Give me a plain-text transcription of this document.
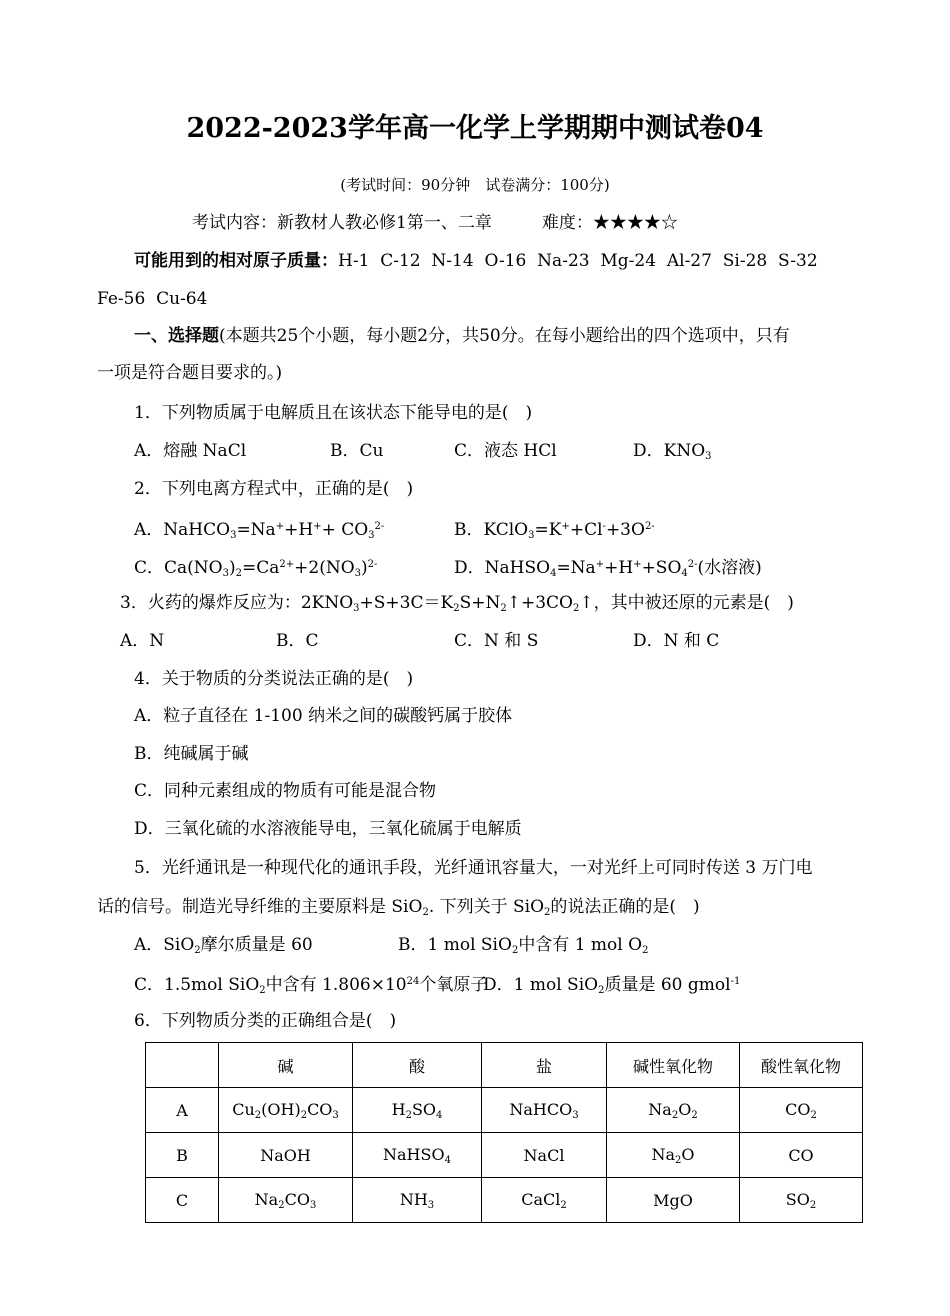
2022-2023学年高一化学上学期期中测试卷04
(考试时间：90分钟　试卷满分：100分)
考试内容：新教材人教必修1第一、二章	难度：★★★★☆
可能用到的相对原子质量：H-1  C-12  N-14  O-16  Na-23  Mg-24  Al-27  Si-28  S-32
Fe-56  Cu-64
一、选择题(本题共25个小题，每小题2分，共50分。在每小题给出的四个选项中，只有
一项是符合题目要求的。)
1．下列物质属于电解质且在该状态下能导电的是(　)
A．熔融 NaCl	B．Cu	C．液态 HCl	D．$KNO_3$
2．下列电离方程式中，正确的是(　)
A．NaHCO$_3$=Na++H++ $CO_3^{2-}$	B．$KClO_3=K^++Cl^-+3O^{2-}$
C．$Ca(NO_3)_2=Ca^{2+}+2(NO_3)^{2-}$	D．$NaHSO_4=Na^++H^++SO_4^{2-}$(水溶液)
3．火药的爆炸反应为：$2KNO_3+S+3C=K_2S+N_2↑+3CO_2↑$，其中被还原的元素是(　)
A．N	B．C	C．N 和 S	D．N 和 C
4．关于物质的分类说法正确的是(　)
A．粒子直径在 1-100 纳米之间的碳酸钙属于胶体
B．纯碱属于碱
C．同种元素组成的物质有可能是混合物
D．三氧化硫的水溶液能导电，三氧化硫属于电解质
5．光纤通讯是一种现代化的通讯手段，光纤通讯容量大，一对光纤上可同时传送 3 万门电
话的信号。制造光导纤维的主要原料是 SiO$_2$. 下列关于 SiO$_2$的说法正确的是(　)
A．SiO$_2$摩尔质量是 60	B．1 mol SiO$_2$中含有 1 mol $O_2$
C．1.5mol SiO$_2$中含有 $1.806\times 10^{24}$个氧原子
D．1 mol SiO$_2$质量是 60 gmol$^{-1}$
6．下列物质分类的正确组合是(　)
	碱	酸	盐	碱性氧化物	酸性氧化物
A	$Cu_2(OH)_2CO_3$	$H_2SO_4$	NaHCO$_3$	$Na_2O_2$	$CO_2$
B	NaOH	NaHSO$_4$	NaCl	$Na_2O$	CO
C	$Na_2CO_3$	$NH_3$	CaCl$_2$	MgO	$SO_2$
